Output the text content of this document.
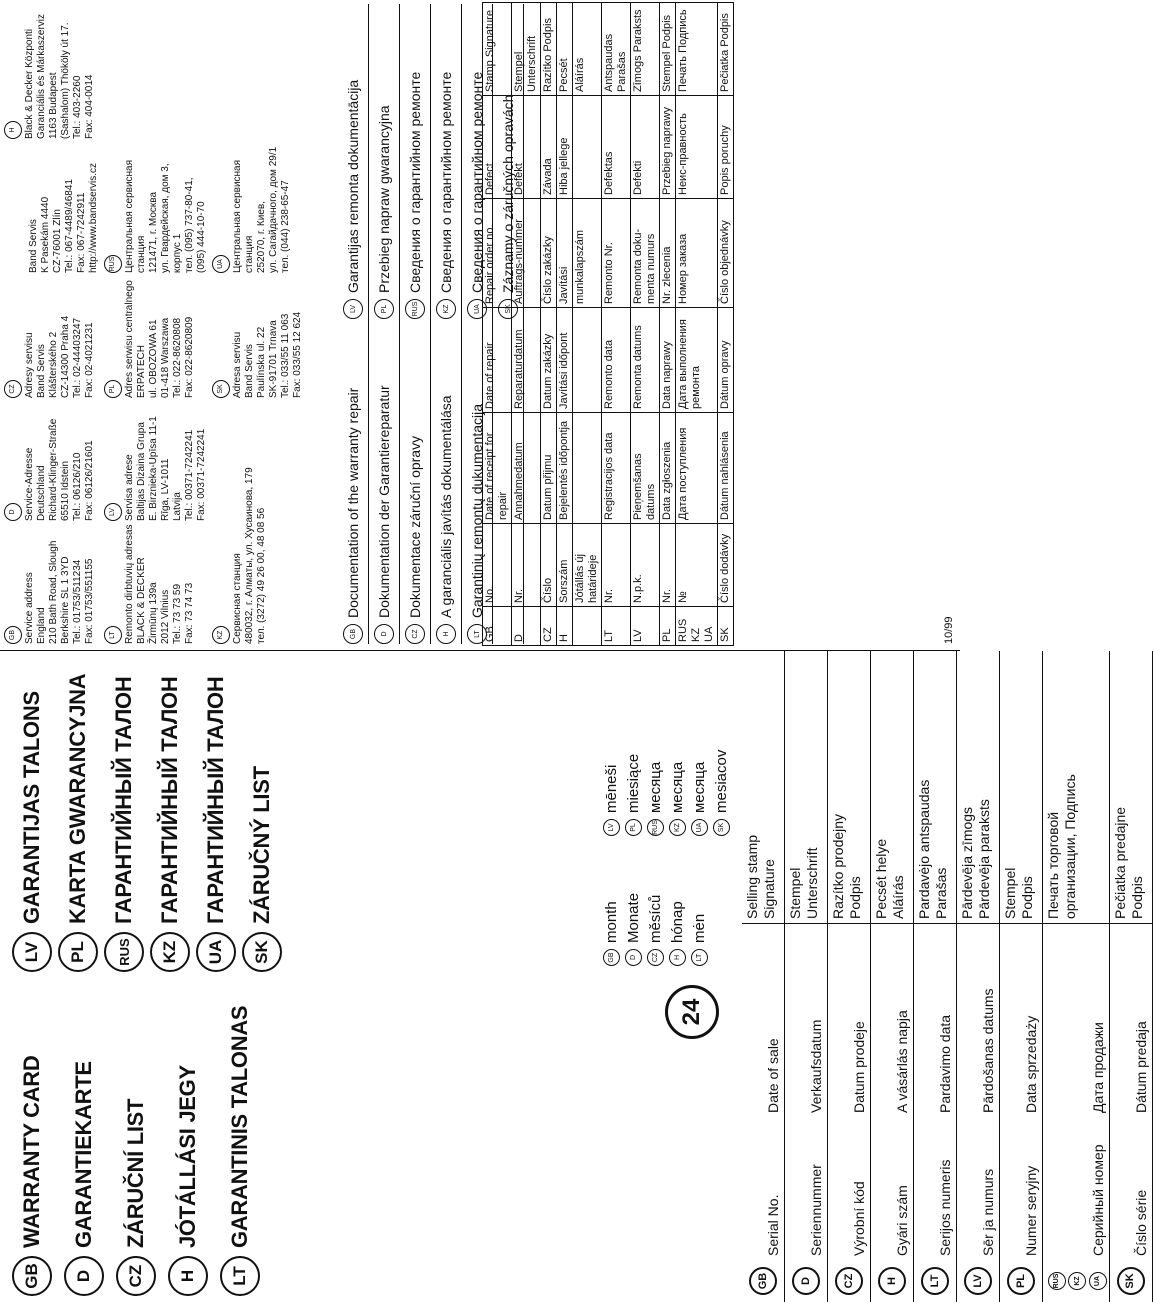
GB
WARRANTY CARD
D
GARANTIEKARTE
CZ
ZÁRUČNÍ LIST
H
JÓTÁLLÁSI JEGY
LT
GARANTINIS TALONAS
LV
GARANTIJAS TALONS
PL
KARTA GWARANCYJNA
RUS
ГАРАНТИЙНЫЙ ТАЛОН
KZ
ГАРАНТИЙНЫЙ ТАЛОН
UA
ГАРАНТИЙНЫЙ ТАЛОН
SK
ZÁRUČNÝ LIST
24
GB
month
LV
mēneši
D
Monate
PL
miesiące
CZ
měsíců
RUS
месяца
H
hónap
KZ
месяца
LT
mėn
UA
месяца
SK
mesiacov
GB	Serial No.	Date of sale	Selling stamp Signature

D	Seriennummer	Verkaufsdatum	Stempel Unterschrift

CZ	Výrobní kód	Datum prodeje	Razítko prodejny Podpis

H	Gyári szám	A vásárlás napja	Pecsét helye Aláírás

LT	Serijos numeris	Pardavimo data	Pardavėjo antspaudas Parašas

LV	Sēr ja numurs	Pārdošanas datums	Pārdevēja zīmogs Pārdevēja paraksts

PL	Numer seryjny	Data sprzedaży	Stempel Podpis

RUS KZ UA	Серийный номер	Дата продажи	Печать торговой организации, Подпись

SK	Číslo série	Dátum predaja	Pečiatka predajne Podpis
GB Service address England 210 Bath Road, Slough Berkshire SL 1 3YD Tel.: 01753/511234 Fax: 01753/551155
D Service-Adresse Deutschland Richard-Klinger-Straße 65510 Idstein Tel.: 06126/210 Fax: 06126/21601
CZ Adresy servisu Band Servis Klášterského 2 CZ-14300 Praha 4 Tel.: 02-44403247 Fax: 02-4021231
Band Servis K Pasekám 4440 CZ-76001 Zlín Tel.: 067-4489/46841 Fax: 067-7242911 http://www.bandservis.cz
H Black & Decker Központi Garanciális és Márkaszerviz 1163 Budapest (Sashalom) Thököly út 17. Tel.: 403-2260 Fax: 404-0014
LT Remonto dirbtuvių adresas BLACK & DECKER Žirmūnų 139a 2012 Vilnius Tel.: 73 73 59 Fax: 73 74 73
LV Servisa adrese Baltijas Dizaina Grupa E. Birznieka-Upīsa 11-1 Rīga, LV-1011 Latvija Tel.: 00371-7242241 Fax: 00371-7242241
PL Adres serwisu centralnego ERPATECH ul. OBOZOWA 61 01-418 Warszawa Tel.: 022-8620808 Fax: 022-8620809
RUS Центральная сервисная станция 121471, г. Москва ул. Гвардейская, дом 3, корпус 1 тел. (095) 737-80-41, (095) 444-10-70
KZ Сервисная станция 480032, г. Алматы, ул. Хусаинова, 179 тел. (3272) 49 26 00, 48 08 56
SK Adresa servisu Band Servis Paulínska ul. 22 SK-91701 Trnava Tel.: 033/55 11 063 Fax: 033/55 12 624
UA Центральная сервисная станция 252070, г. Киев, ул. Сагайдачного, дом 29/1 тел. (044) 238-65-47
GB
Documentation of the warranty repair
LV
Garantijas remonta dokumentācija
D
Dokumentation der Garantiereparatur
PL
Przebieg napraw gwarancyjna
CZ
Dokumentace záruční opravy
RUS
Сведения о гарантийном ремонте
H
A garanciális javítás dokumentálása
KZ
Сведения о гарантийном ремонте
LT
Garantinių remontų dukumentacija
UA
Сведения о гарантийном ремонте
SK
Záznamy o záručných opravách
GB	No.	Date of receipt for repair	Date of repair	Repair order no.	Defect	Stamp Signature

D	Nr.	Annahmedatum	Reparaturdatum	Auftrags-nummer	Defekt	Stempel Unterschrift

CZ	Číslo	Datum přijmu	Datum zakázky	Číslo zakázky	Závada	Razítko Podpis

H	Sorszám	Bejelentés időpontja	Javítási időpont	Javítási	Hiba jellege	Pecsét
	Jótállás új határideje			munkalapszám		Aláírás

LT	Nr.	Registracijos data	Remonto data	Remonto Nr.	Defektas	Antspaudas Parašas

LV	N.p.k.	Pieņemšanas datums	Remonta datums	Remonta doku-menta numurs	Defekti	Zīmogs Paraksts

PL	Nr.	Data zgłoszenia	Data naprawy	Nr. zlecenia	Przebieg naprawy	Stempel Podpis

RUS KZ UA	№	Дата поступления	Дата выполнения ремонта	Номер заказа	Неис-правность	Печать Подпись

SK	Číslo dodávky	Dátum nahlásenia	Dátum opravy	Číslo objednávky	Popis poruchy	Pečiatka Podpis
10/99
